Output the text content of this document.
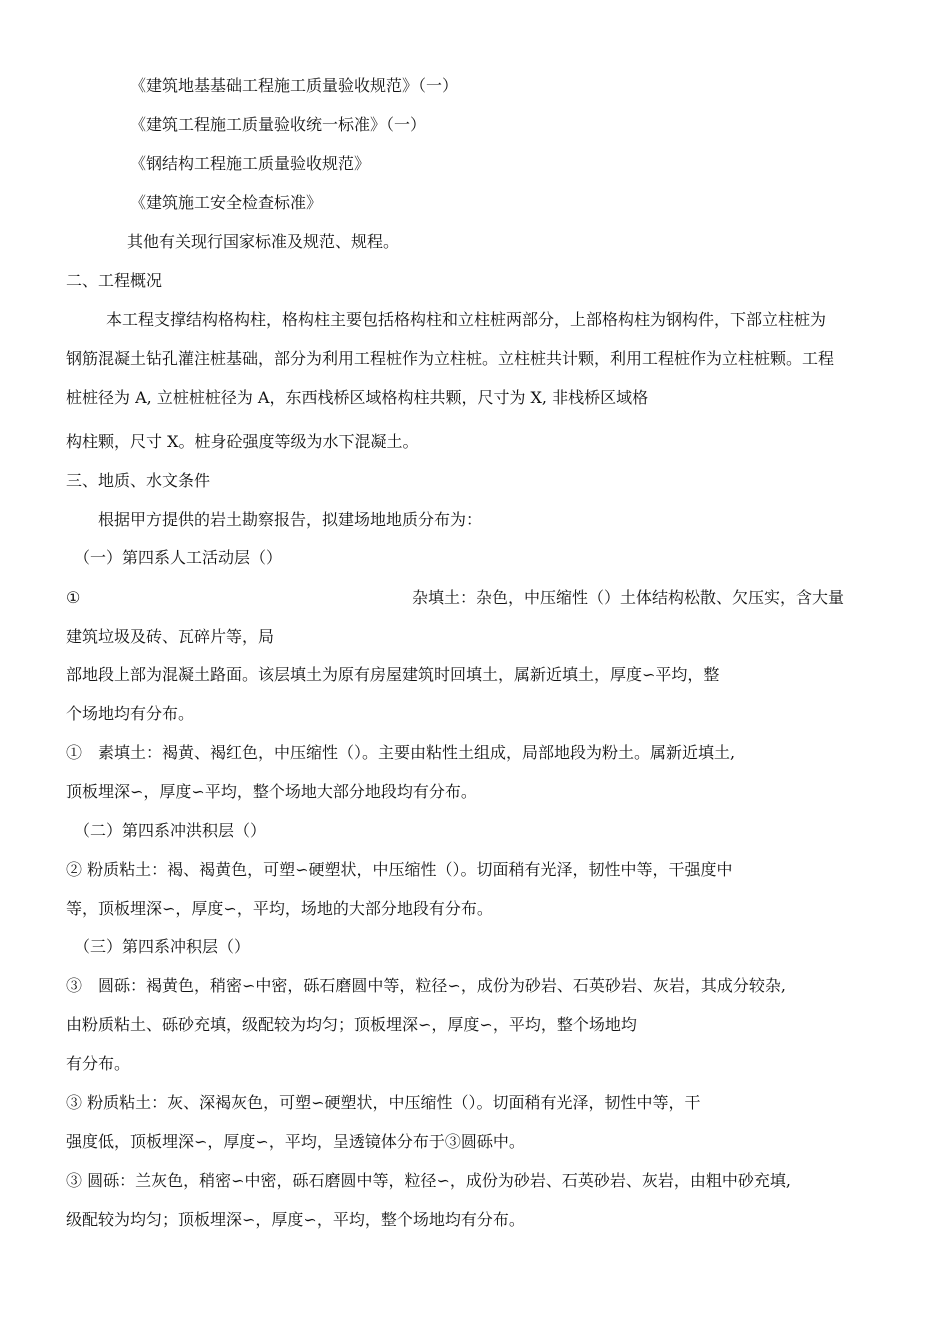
《建筑地基基础工程施工质量验收规范》（一）
《建筑工程施工质量验收统一标准》（一）
《钢结构工程施工质量验收规范》
《建筑施工安全检查标准》
其他有关现行国家标准及规范、规程。
二、工程概况
本工程支撑结构格构柱，格构柱主要包括格构柱和立柱桩两部分，上部格构柱为钢构件，下部立柱桩为
钢筋混凝土钻孔灌注桩基础，部分为利用工程桩作为立柱桩。立柱桩共计颗，利用工程桩作为立柱桩颗。工程
桩桩径为 A, 立桩桩桩径为 A，东西栈桥区域格构柱共颗，尺寸为 X, 非栈桥区域格
构柱颗，尺寸 X。桩身砼强度等级为水下混凝土。
三、地质、水文条件
根据甲方提供的岩土勘察报告，拟建场地地质分布为：
（一）第四系人工活动层（）
①	杂填土：杂色，中压缩性（）土体结构松散、欠压实，含大量
建筑垃圾及砖、瓦碎片等，局
部地段上部为混凝土路面。该层填土为原有房屋建筑时回填土，属新近填土，厚度∽平均，整
个场地均有分布。
①　素填土：褐黄、褐红色，中压缩性（）。主要由粘性土组成，局部地段为粉土。属新近填土,
顶板埋深∽，厚度∽平均，整个场地大部分地段均有分布。
（二）第四系冲洪积层（）
② 粉质粘土：褐、褐黄色，可塑∽硬塑状，中压缩性（）。切面稍有光泽，韧性中等，干强度中
等，顶板埋深∽，厚度∽，平均，场地的大部分地段有分布。
（三）第四系冲积层（）
③　圆砾：褐黄色，稍密∽中密，砾石磨圆中等，粒径∽，成份为砂岩、石英砂岩、灰岩，其成分较杂,
由粉质粘土、砾砂充填，级配较为均匀；顶板埋深∽，厚度∽，平均，整个场地均
有分布。
③ 粉质粘土：灰、深褐灰色，可塑∽硬塑状，中压缩性（）。切面稍有光泽，韧性中等，干
强度低，顶板埋深∽，厚度∽，平均，呈透镜体分布于③圆砾中。
③ 圆砾：兰灰色，稍密∽中密，砾石磨圆中等，粒径∽，成份为砂岩、石英砂岩、灰岩，由粗中砂充填,
级配较为均匀；顶板埋深∽，厚度∽，平均，整个场地均有分布。
